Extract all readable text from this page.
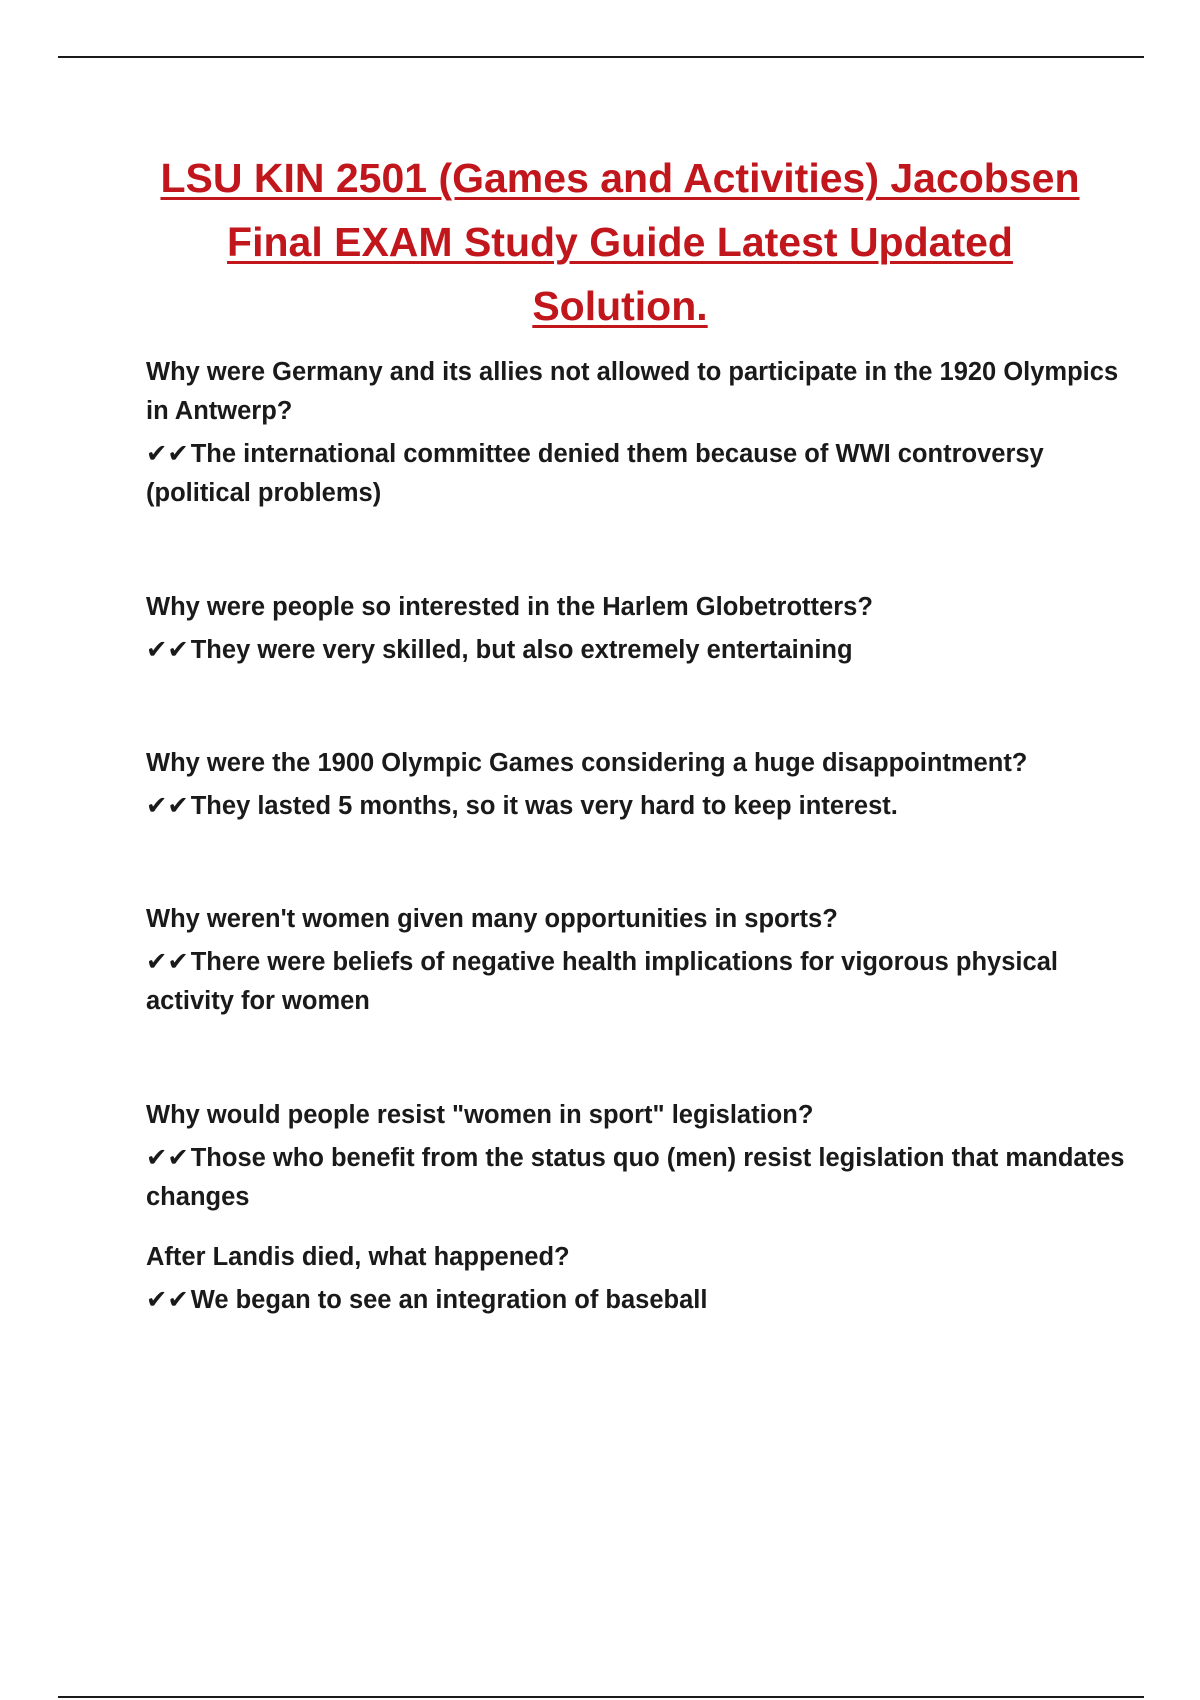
LSU KIN 2501 (Games and Activities) Jacobsen Final EXAM Study Guide Latest Updated Solution.

Why were Germany and its allies not allowed to participate in the 1920 Olympics in Antwerp?

✔✔The international committee denied them because of WWI controversy (political problems)

Why were people so interested in the Harlem Globetrotters?

✔✔They were very skilled, but also extremely entertaining

Why were the 1900 Olympic Games considering a huge disappointment?

✔✔They lasted 5 months, so it was very hard to keep interest.

Why weren't women given many opportunities in sports?

✔✔There were beliefs of negative health implications for vigorous physical activity for women

Why would people resist "women in sport" legislation?

✔✔Those who benefit from the status quo (men) resist legislation that mandates changes

After Landis died, what happened?

✔✔We began to see an integration of baseball
